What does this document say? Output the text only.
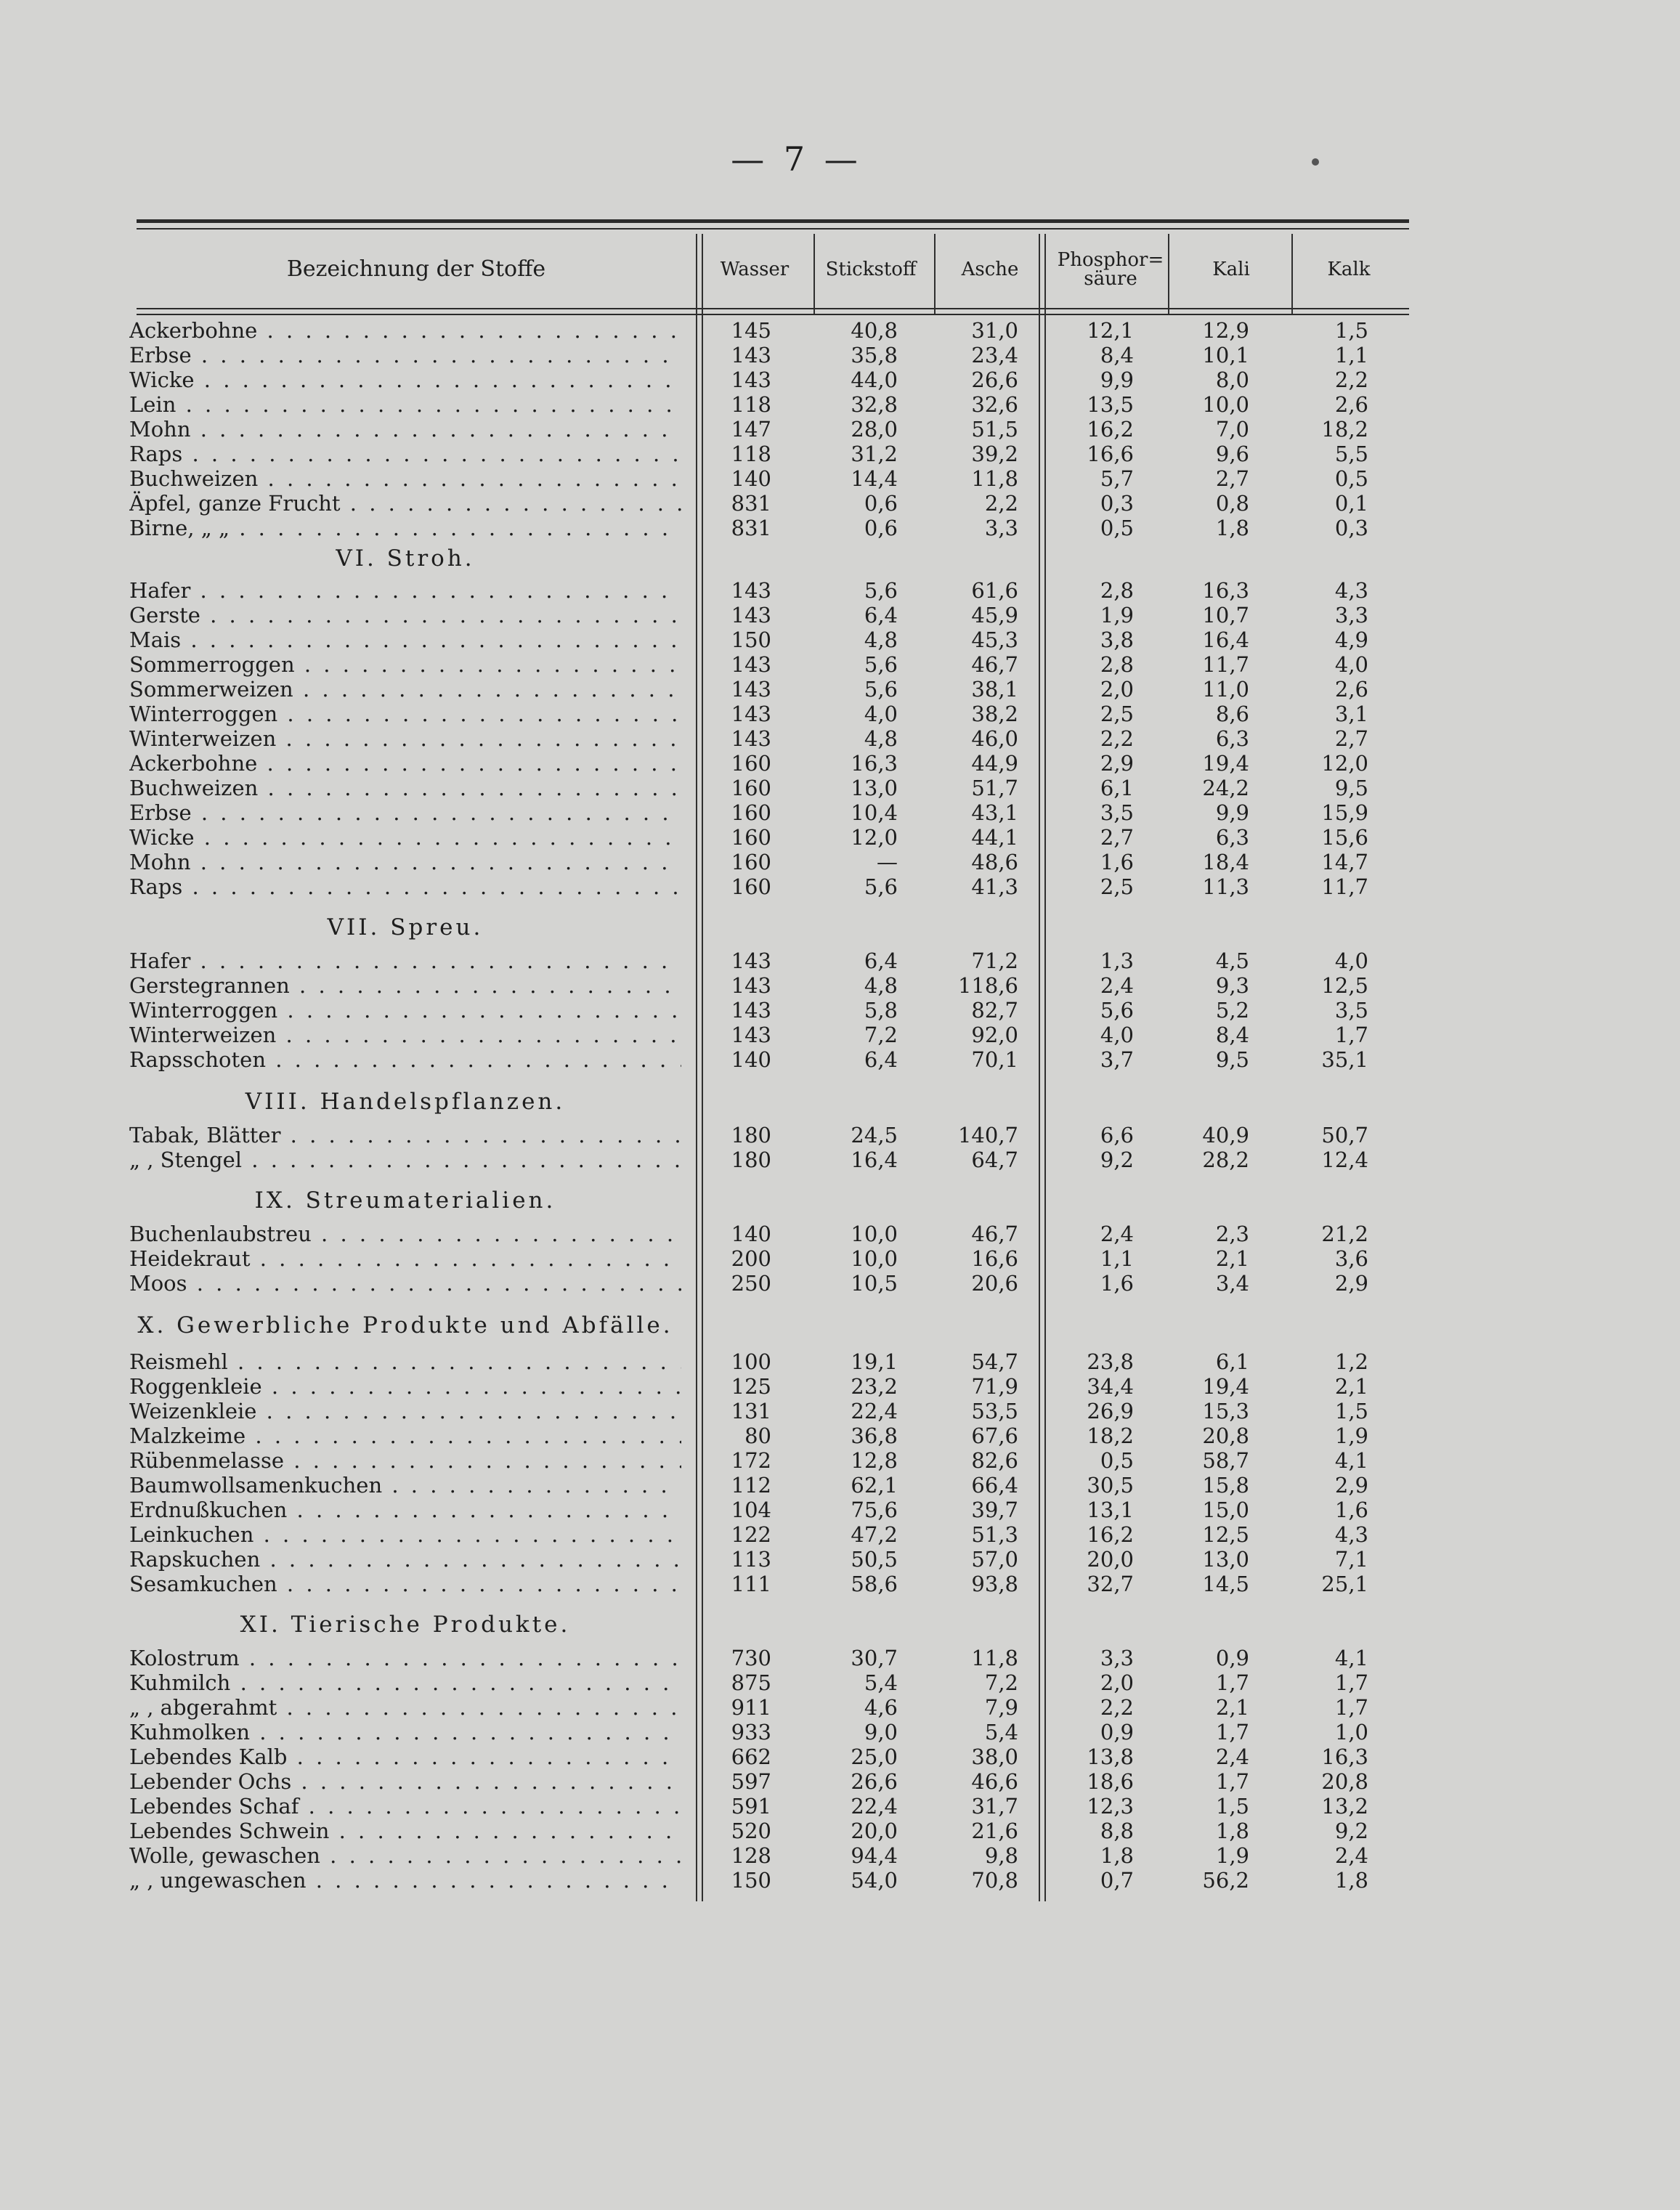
— 7 —
Bezeichnung der Stoffe	Wasser	Stickstoff	Asche	Phosphor=
säure	Kali	Kalk
Ackerbohne . . .	145	40,8	31,0	12,1	12,9	1,5
Erbse . . .	143	35,8	23,4	8,4	10,1	1,1
Wicke . . .	143	44,0	26,6	9,9	8,0	2,2
Lein . . .	118	32,8	32,6	13,5	10,0	2,6
Mohn . . .	147	28,0	51,5	16,2	7,0	18,2
Raps . . .	118	31,2	39,2	16,6	9,6	5,5
Buchweizen . . .	140	14,4	11,8	5,7	2,7	0,5
Äpfel, ganze Frucht . . .	831	0,6	2,2	0,3	0,8	0,1
Birne, „ „ . . .	831	0,6	3,3	0,5	1,8	0,3
VI. Stroh.
Hafer . . .	143	5,6	61,6	2,8	16,3	4,3
Gerste . . .	143	6,4	45,9	1,9	10,7	3,3
Mais . . .	150	4,8	45,3	3,8	16,4	4,9
Sommerroggen . . .	143	5,6	46,7	2,8	11,7	4,0
Sommerweizen . . .	143	5,6	38,1	2,0	11,0	2,6
Winterroggen . . .	143	4,0	38,2	2,5	8,6	3,1
Winterweizen . . .	143	4,8	46,0	2,2	6,3	2,7
Ackerbohne . . .	160	16,3	44,9	2,9	19,4	12,0
Buchweizen . . .	160	13,0	51,7	6,1	24,2	9,5
Erbse . . .	160	10,4	43,1	3,5	9,9	15,9
Wicke . . .	160	12,0	44,1	2,7	6,3	15,6
Mohn . . .	160	—	48,6	1,6	18,4	14,7
Raps . . .	160	5,6	41,3	2,5	11,3	11,7
VII. Spreu.
Hafer . . .	143	6,4	71,2	1,3	4,5	4,0
Gerstegrannen . . .	143	4,8	118,6	2,4	9,3	12,5
Winterroggen . . .	143	5,8	82,7	5,6	5,2	3,5
Winterweizen . . .	143	7,2	92,0	4,0	8,4	1,7
Rapsschoten . . .	140	6,4	70,1	3,7	9,5	35,1
VIII. Handelspflanzen.
Tabak, Blätter . . .	180	24,5	140,7	6,6	40,9	50,7
„ , Stengel . . .	180	16,4	64,7	9,2	28,2	12,4
IX. Streumaterialien.
Buchenlaubstreu . . .	140	10,0	46,7	2,4	2,3	21,2
Heidekraut . . .	200	10,0	16,6	1,1	2,1	3,6
Moos . . .	250	10,5	20,6	1,6	3,4	2,9
X. Gewerbliche Produkte und Abfälle.
Reismehl . . .	100	19,1	54,7	23,8	6,1	1,2
Roggenkleie . . .	125	23,2	71,9	34,4	19,4	2,1
Weizenkleie . . .	131	22,4	53,5	26,9	15,3	1,5
Malzkeime . . .	80	36,8	67,6	18,2	20,8	1,9
Rübenmelasse . . .	172	12,8	82,6	0,5	58,7	4,1
Baumwollsamenkuchen . . .	112	62,1	66,4	30,5	15,8	2,9
Erdnußkuchen . . .	104	75,6	39,7	13,1	15,0	1,6
Leinkuchen . . .	122	47,2	51,3	16,2	12,5	4,3
Rapskuchen . . .	113	50,5	57,0	20,0	13,0	7,1
Sesamkuchen . . .	111	58,6	93,8	32,7	14,5	25,1
XI. Tierische Produkte.
Kolostrum . . .	730	30,7	11,8	3,3	0,9	4,1
Kuhmilch . . .	875	5,4	7,2	2,0	1,7	1,7
„ , abgerahmt . . .	911	4,6	7,9	2,2	2,1	1,7
Kuhmolken . . .	933	9,0	5,4	0,9	1,7	1,0
Lebendes Kalb . . .	662	25,0	38,0	13,8	2,4	16,3
Lebender Ochs . . .	597	26,6	46,6	18,6	1,7	20,8
Lebendes Schaf . . .	591	22,4	31,7	12,3	1,5	13,2
Lebendes Schwein . . .	520	20,0	21,6	8,8	1,8	9,2
Wolle, gewaschen . . .	128	94,4	9,8	1,8	1,9	2,4
„ , ungewaschen . . .	150	54,0	70,8	0,7	56,2	1,8
